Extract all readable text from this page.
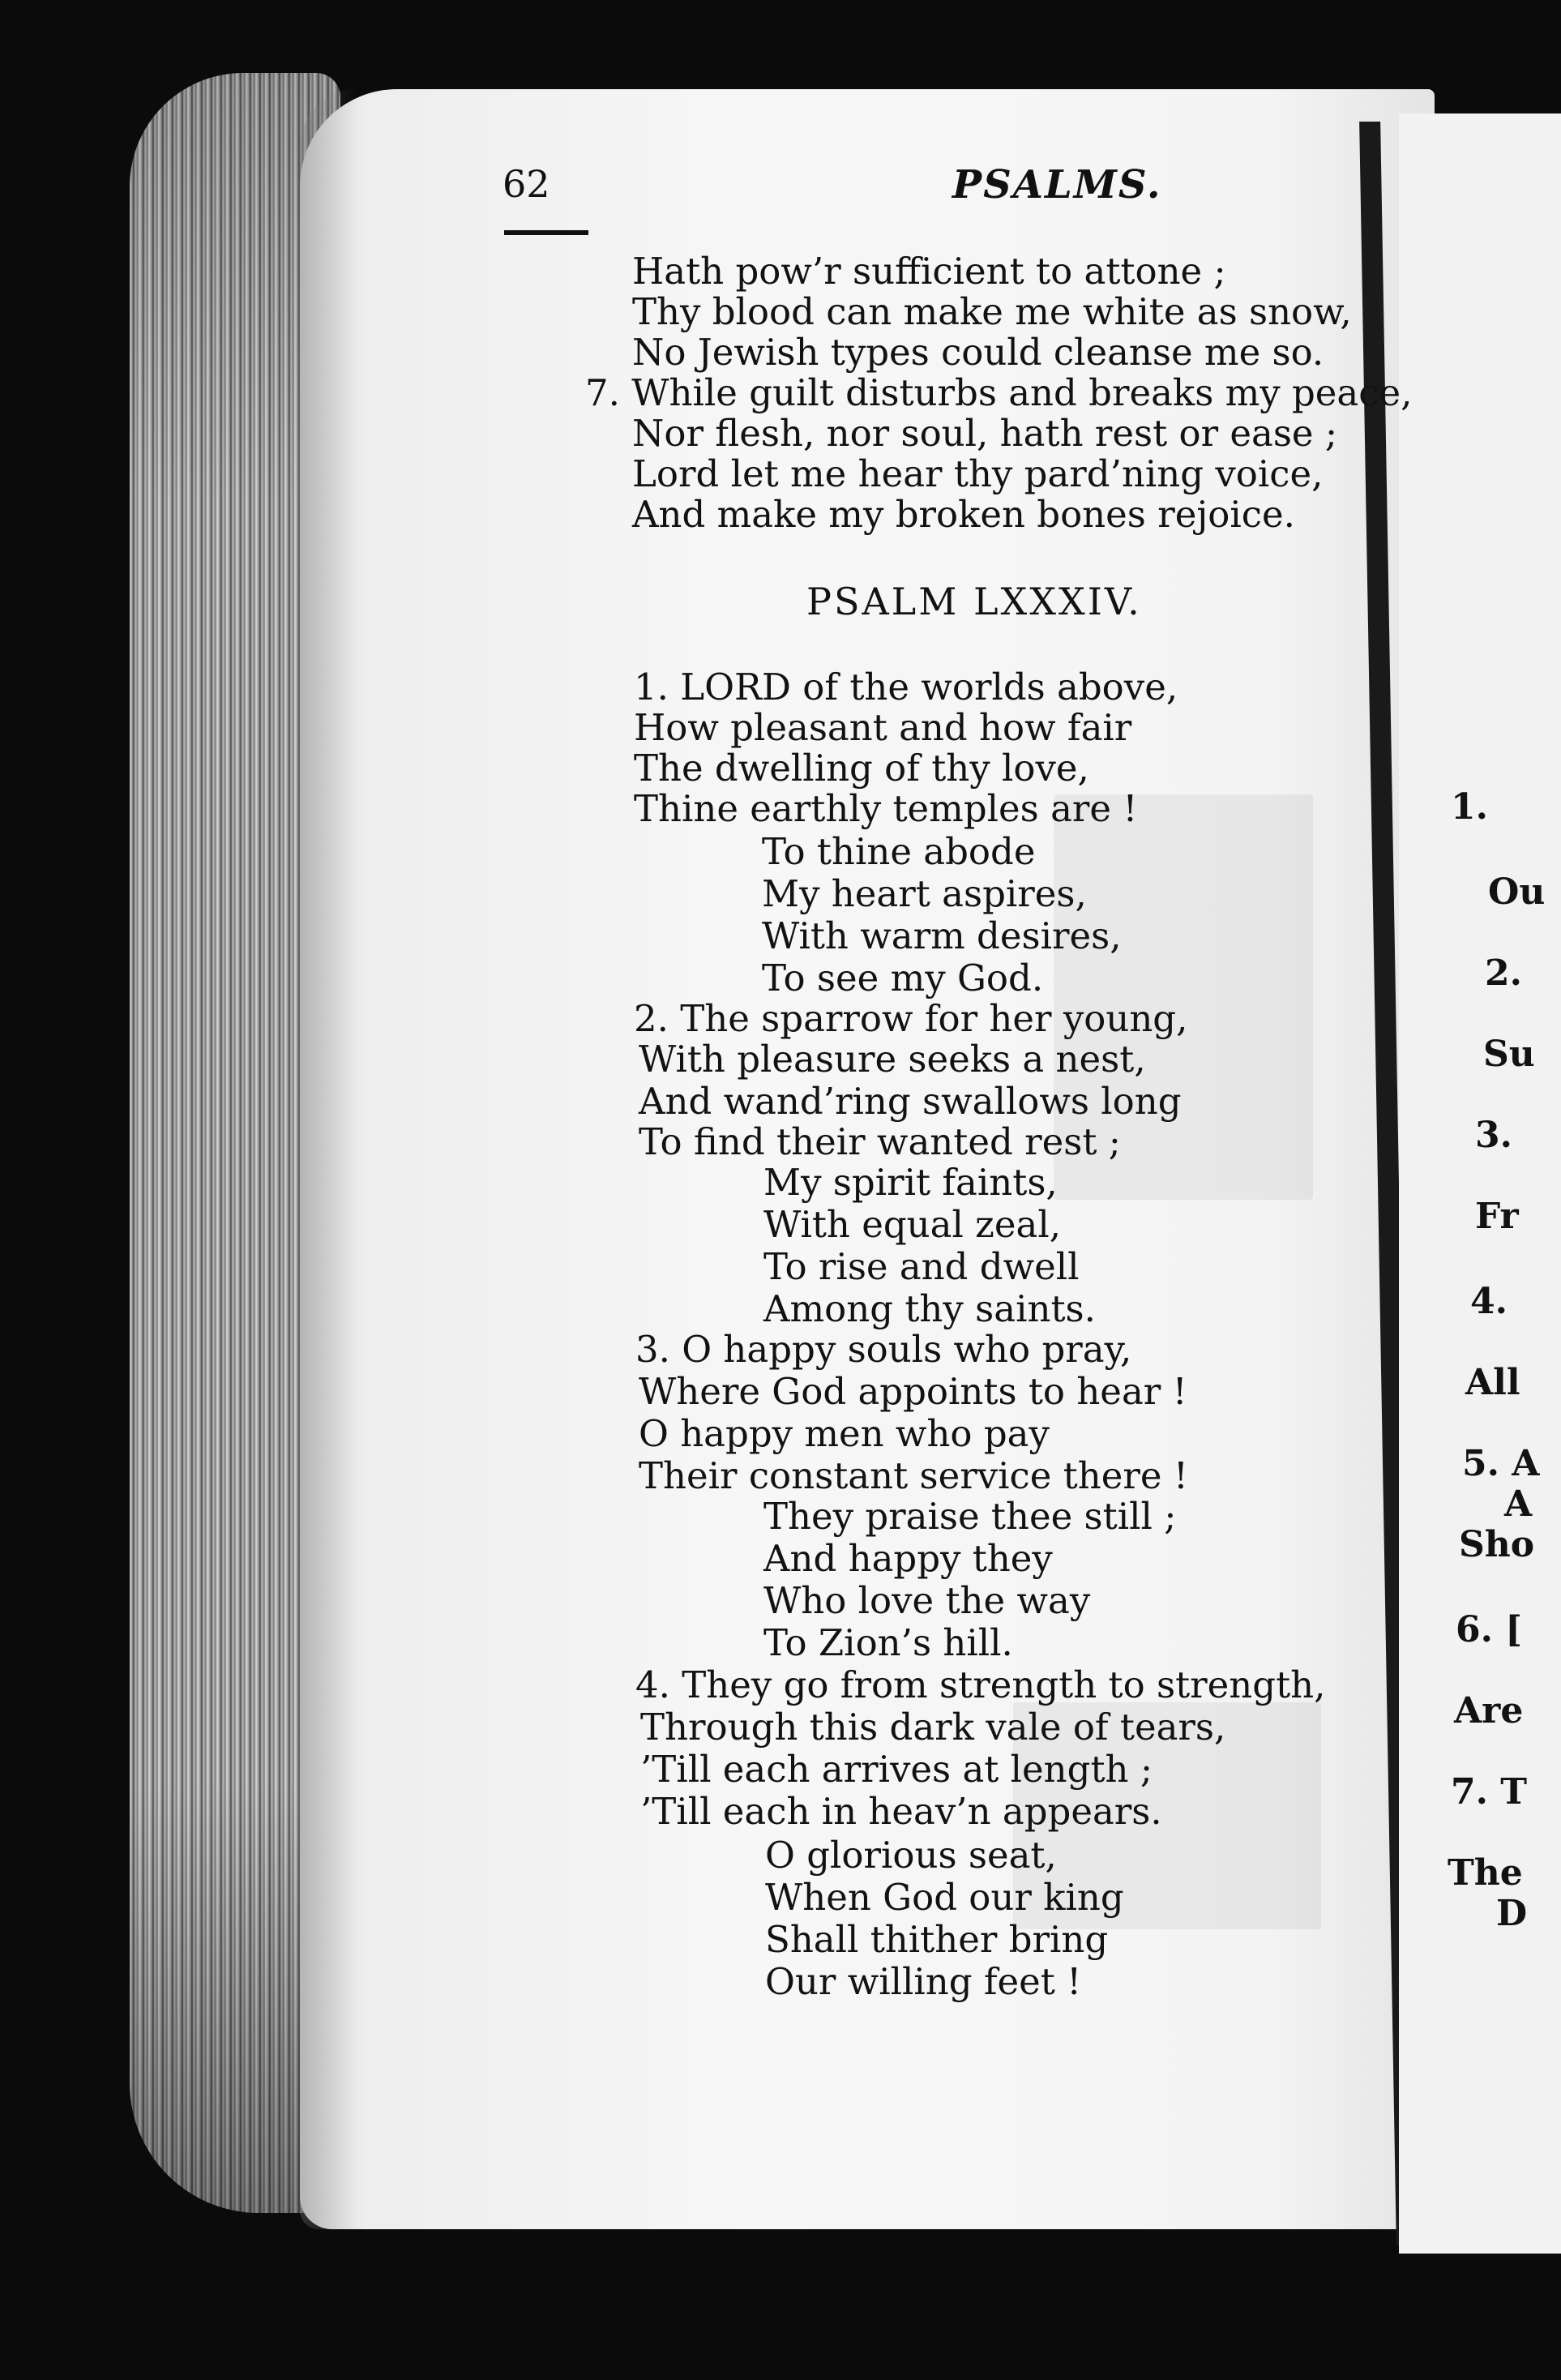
62	PSALMS.
Hath pow’r sufficient to attone ;
Thy blood can make me white as snow,
No Jewish types could cleanse me so.
7. While guilt disturbs and breaks my peace,
Nor flesh, nor soul, hath rest or ease ;
Lord let me hear thy pard’ning voice,
And make my broken bones rejoice.
PSALM LXXXIV.
1. LORD of the worlds above,
How pleasant and how fair
The dwelling of thy love,
Thine earthly temples are !
To thine abode
My heart aspires,
With warm desires,
To see my God.
2. The sparrow for her young,
With pleasure seeks a nest,
And wand’ring swallows long
To find their wanted rest ;
My spirit faints,
With equal zeal,
To rise and dwell
Among thy saints.
3. O happy souls who pray,
Where God appoints to hear !
O happy men who pay
Their constant service there !
They praise thee still ;
And happy they
Who love the way
To Zion’s hill.
4. They go from strength to strength,
Through this dark vale of tears,
’Till each arrives at length ;
’Till each in heav’n appears.
O glorious seat,
When God our king
Shall thither bring
Our willing feet !
1.
Ou
2.
Su
3.
Fr
4.
All
5. A
A
Sho
6. [
Are
7. T
The
D
